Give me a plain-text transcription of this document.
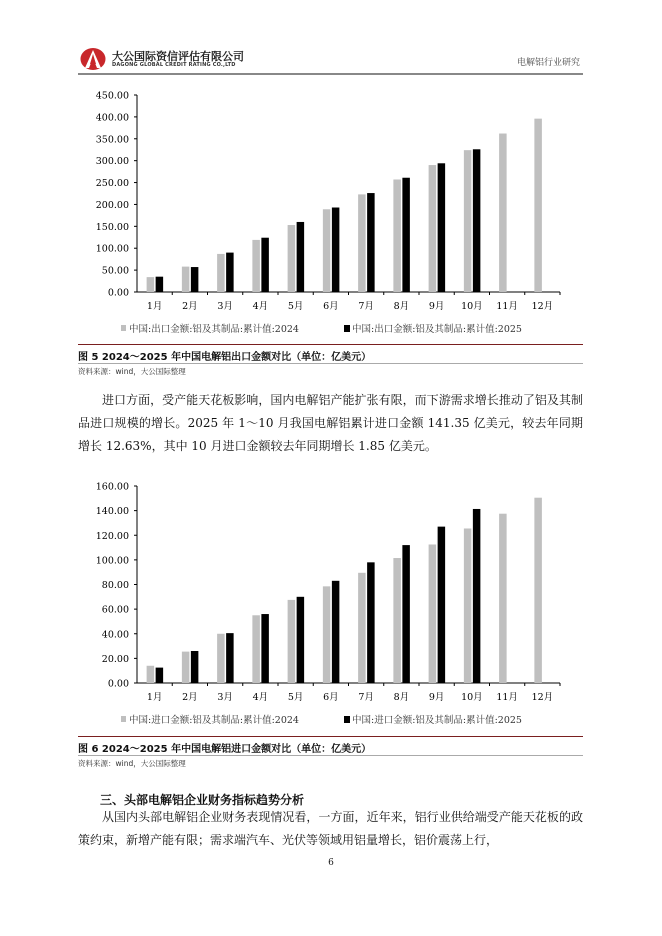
大公国际资信评估有限公司
DAGONG GLOBAL CREDIT RATING CO.,LTD	电解铝行业研究
0.00
50.00
100.00
150.00
200.00
250.00
300.00
350.00
400.00
450.00
1月 2月 3月 4月 5月 6月 7月 8月 9月 10月 11月 12月
中国:出口金额:铝及其制品:累计值:2024	中国:出口金额:铝及其制品:累计值:2025
图 5 2024～2025 年中国电解铝出口金额对比（单位：亿美元）
资料来源：wind，大公国际整理
进口方面，受产能天花板影响，国内电解铝产能扩张有限，而下游需求增长推动了铝及其制品进口规模的增长。2025 年 1～10 月我国电解铝累计进口金额 141.35 亿美元，较去年同期增长 12.63%，其中 10 月进口金额较去年同期增长 1.85 亿美元。
0.00
20.00
40.00
60.00
80.00
100.00
120.00
140.00
160.00
1月 2月 3月 4月 5月 6月 7月 8月 9月 10月 11月 12月
中国:进口金额:铝及其制品:累计值:2024	中国:进口金额:铝及其制品:累计值:2025
图 6 2024～2025 年中国电解铝进口金额对比（单位：亿美元）
资料来源：wind，大公国际整理
三、头部电解铝企业财务指标趋势分析
从国内头部电解铝企业财务表现情况看，一方面，近年来，铝行业供给端受产能天花板的政策约束，新增产能有限；需求端汽车、光伏等领域用铝量增长，铝价震荡上行，
6
